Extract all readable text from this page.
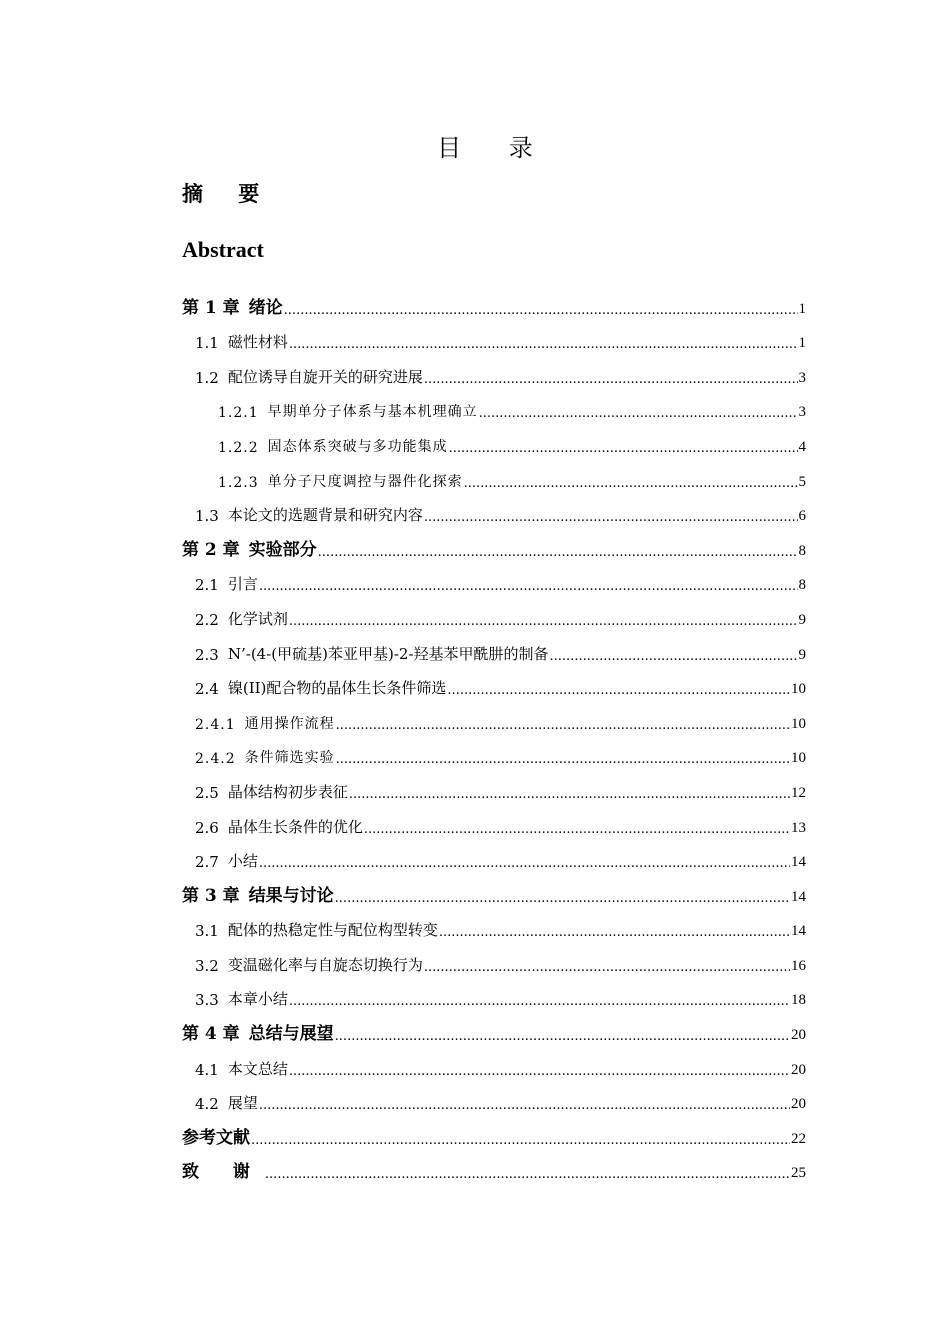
目 录
摘 要
Abstract
第 1 章 绪论 .....	1
1.1 磁性材料 .....	1
1.2 配位诱导自旋开关的研究进展 .....	3
1.2.1 早期单分子体系与基本机理确立 .....	3
1.2.2 固态体系突破与多功能集成 .....	4
1.2.3 单分子尺度调控与器件化探索 .....	5
1.3 本论文的选题背景和研究内容 .....	6
第 2 章 实验部分 .....	8
2.1 引言 .....	8
2.2 化学试剂 .....	9
2.3 N’-(4-(甲硫基)苯亚甲基)-2-羟基苯甲酰肼的制备 .....	9
2.4 镍(II)配合物的晶体生长条件筛选 .....	10
2.4.1 通用操作流程 .....	10
2.4.2 条件筛选实验 .....	10
2.5 晶体结构初步表征 .....	12
2.6 晶体生长条件的优化 .....	13
2.7 小结 .....	14
第 3 章 结果与讨论 .....	14
3.1 配体的热稳定性与配位构型转变 .....	14
3.2 变温磁化率与自旋态切换行为 .....	16
3.3 本章小结 .....	18
第 4 章 总结与展望 .....	20
4.1 本文总结 .....	20
4.2 展望 .....	20
参考文献 .....	22
致 谢 .....	25
